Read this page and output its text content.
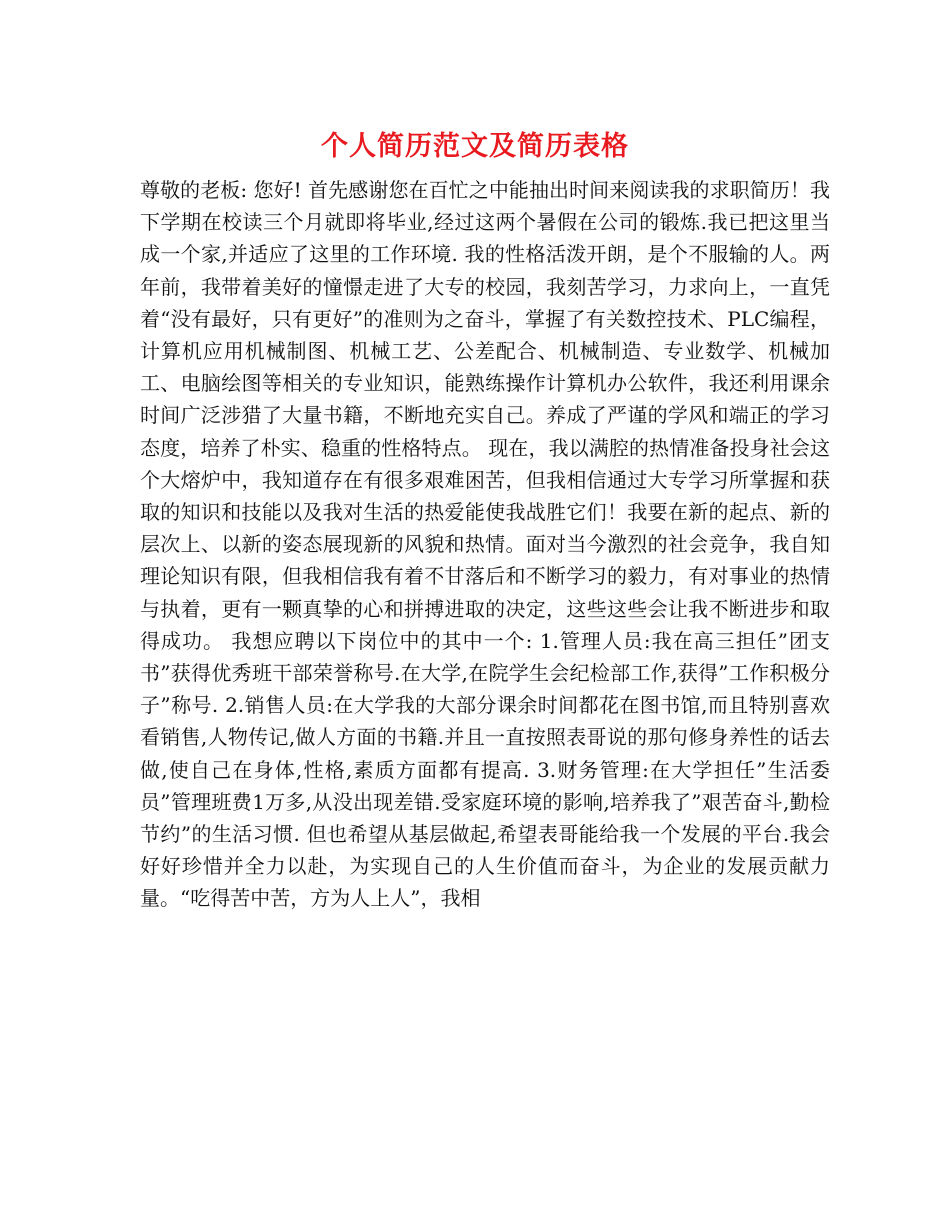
个人简历范文及简历表格

尊敬的老板: 您好! 首先感谢您在百忙之中能抽出时间来阅读我的求职简历！我下学期在校读三个月就即将毕业,经过这两个暑假在公司的锻炼.我已把这里当成一个家,并适应了这里的工作环境. 我的性格活泼开朗，是个不服输的人。两年前，我带着美好的憧憬走进了大专的校园，我刻苦学习，力求向上，一直凭着“没有最好，只有更好”的准则为之奋斗，掌握了有关数控技术、PLC编程，计算机应用机械制图、机械工艺、公差配合、机械制造、专业数学、机械加工、电脑绘图等相关的专业知识，能熟练操作计算机办公软件，我还利用课余时间广泛涉猎了大量书籍，不断地充实自己。养成了严谨的学风和端正的学习态度，培养了朴实、稳重的性格特点。 现在，我以满腔的热情准备投身社会这个大熔炉中，我知道存在有很多艰难困苦，但我相信通过大专学习所掌握和获取的知识和技能以及我对生活的热爱能使我战胜它们！我要在新的起点、新的层次上、以新的姿态展现新的风貌和热情。面对当今激烈的社会竞争，我自知理论知识有限，但我相信我有着不甘落后和不断学习的毅力，有对事业的热情与执着，更有一颗真挚的心和拼搏进取的决定，这些这些会让我不断进步和取得成功。 我想应聘以下岗位中的其中一个: 1.管理人员:我在高三担任”团支书”获得优秀班干部荣誉称号.在大学,在院学生会纪检部工作,获得”工作积极分子”称号. 2.销售人员:在大学我的大部分课余时间都花在图书馆,而且特别喜欢看销售,人物传记,做人方面的书籍.并且一直按照表哥说的那句修身养性的话去做,使自己在身体,性格,素质方面都有提高. 3.财务管理:在大学担任”生活委员”管理班费1万多,从没出现差错.受家庭环境的影响,培养我了”艰苦奋斗,勤检节约”的生活习惯. 但也希望从基层做起,希望表哥能给我一个发展的平台.我会好好珍惜并全力以赴，为实现自己的人生价值而奋斗，为企业的发展贡献力量。“吃得苦中苦，方为人上人”，我相
